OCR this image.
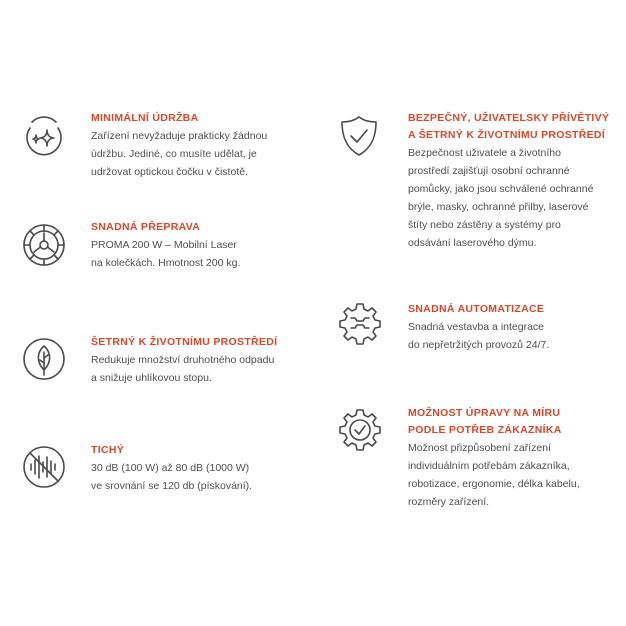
MINIMÁLNÍ ÚDRŽBA
Zařízení nevyžaduje prakticky žádnou
údržbu. Jediné, co musíte udělat, je
udržovat optickou čočku v čistotě.
SNADNÁ PŘEPRAVA
PROMA 200 W – Mobilní Laser
na kolečkách. Hmotnost 200 kg.
ŠETRNÝ K ŽIVOTNÍMU PROSTŘEDÍ
Redukuje množství druhotného odpadu
a snižuje uhlíkovou stopu.
TICHÝ
30 dB (100 W) až 80 dB (1000 W)
ve srovnání se 120 db (pískování).
BEZPEČNÝ, UŽIVATELSKY PŘÍVĚTIVÝ
A ŠETRNÝ K ŽIVOTNÍMU PROSTŘEDÍ
Bezpečnost uživatele a životního
prostředí zajišťují osobní ochranné
pomůcky, jako jsou schválené ochranné
brýle, masky, ochranné přilby, laserové
štíty nebo zástěny a systémy pro
odsávání laserového dýmu.
SNADNÁ AUTOMATIZACE
Snadná vestavba a integrace
do nepřetržitých provozů 24/7.
MOŽNOST ÚPRAVY NA MÍRU
PODLE POTŘEB ZÁKAZNÍKA
Možnost přizpůsobení zařízení
individuálním potřebám zákazníka,
robotizace, ergonomie, délka kabelu,
rozměry zařízení.
